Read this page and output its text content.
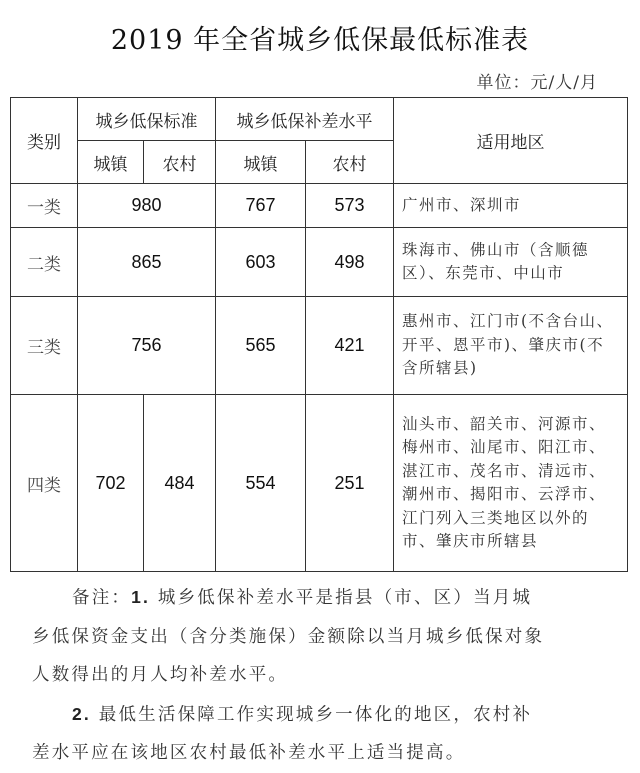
2019 年全省城乡低保最低标准表
单位：元/人/月
类别	城乡低保标准		城乡低保补差水平		适用地区
	城镇	农村	城镇	农村	
一类	980		767	573	广州市、深圳市
二类	865		603	498	珠海市、佛山市（含顺德区）、东莞市、中山市
三类	756		565	421	惠州市、江门市(不含台山、开平、恩平市)、肇庆市(不含所辖县)
四类	702	484	554	251	汕头市、韶关市、河源市、梅州市、汕尾市、阳江市、湛江市、茂名市、清远市、潮州市、揭阳市、云浮市、江门列入三类地区以外的市、肇庆市所辖县

备注：1. 城乡低保补差水平是指县（市、区）当月城

乡低保资金支出（含分类施保）金额除以当月城乡低保对象

人数得出的月人均补差水平。

2. 最低生活保障工作实现城乡一体化的地区，农村补

差水平应在该地区农村最低补差水平上适当提高。
